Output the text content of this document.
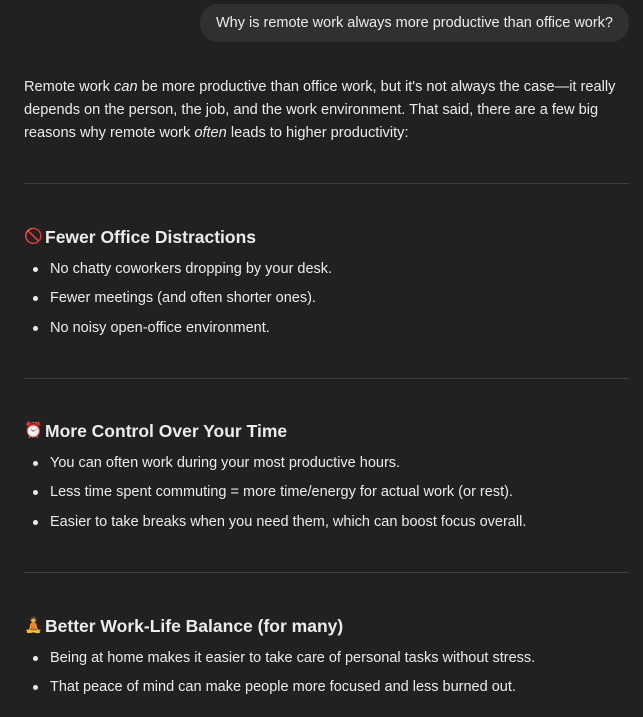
Why is remote work always more productive than office work?

Remote work can be more productive than office work, but it's not always the case—it really depends on the person, the job, and the work environment. That said, there are a few big reasons why remote work often leads to higher productivity:

🚫 Fewer Office Distractions
No chatty coworkers dropping by your desk.
Fewer meetings (and often shorter ones).
No noisy open-office environment.
⏰ More Control Over Your Time
You can often work during your most productive hours.
Less time spent commuting = more time/energy for actual work (or rest).
Easier to take breaks when you need them, which can boost focus overall.
🧘 Better Work-Life Balance (for many)
Being at home makes it easier to take care of personal tasks without stress.
That peace of mind can make people more focused and less burned out.
